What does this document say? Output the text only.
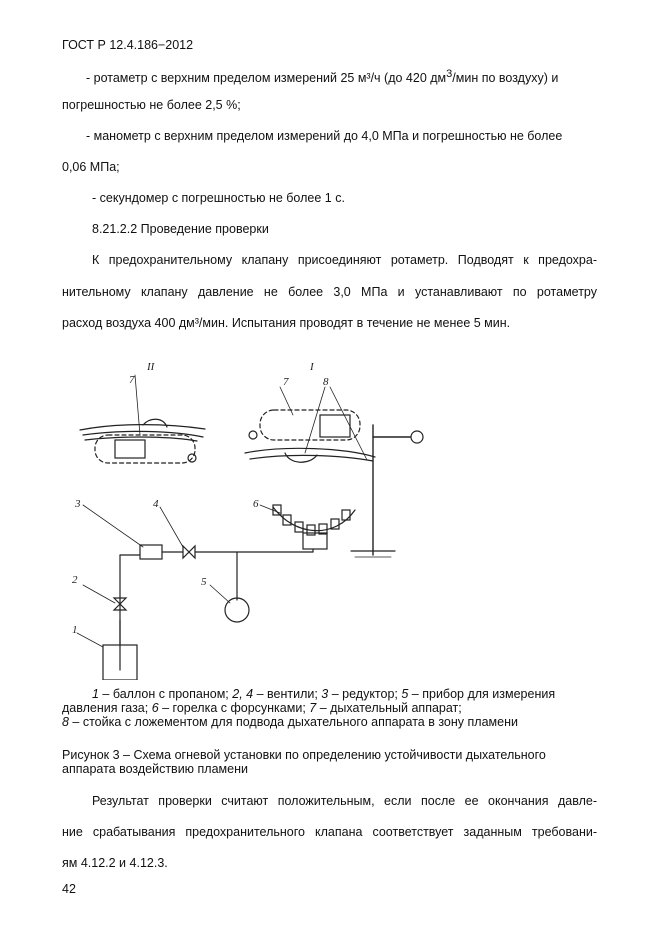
ГОСТ Р 12.4.186−2012
- ротаметр с верхним пределом измерений 25 м³/ч (до 420 $дм^3$/мин по воздуху) и
погрешностью не более 2,5 %;
- манометр с верхним пределом измерений до 4,0 МПа и погрешностью не более
0,06 МПа;
- секундомер с погрешностью не более 1 с.
8.21.2.2 Проведение проверки
К предохранительному клапану присоединяют ротаметр. Подводят к предохра-
нительному клапану давление не более 3,0 МПа и устанавливают по ротаметру
расход воздуха 400 дм³/мин. Испытания проводят в течение не менее 5 мин.
II	I
7	7	8
6
3	4
2	5
1
1 – баллон с пропаном; 2, 4 – вентили; 3 – редуктор; 5 – прибор для измерения
давления газа; 6 – горелка с форсунками; 7 – дыхательный аппарат;
8 – стойка с ложементом для подвода дыхательного аппарата в зону пламени
Рисунок 3 – Схема огневой установки по определению устойчивости дыхательного
аппарата воздействию пламени
Результат проверки считают положительным, если после ее окончания давле-
ние срабатывания предохранительного клапана соответствует заданным требовани-
ям 4.12.2 и 4.12.3.
42
